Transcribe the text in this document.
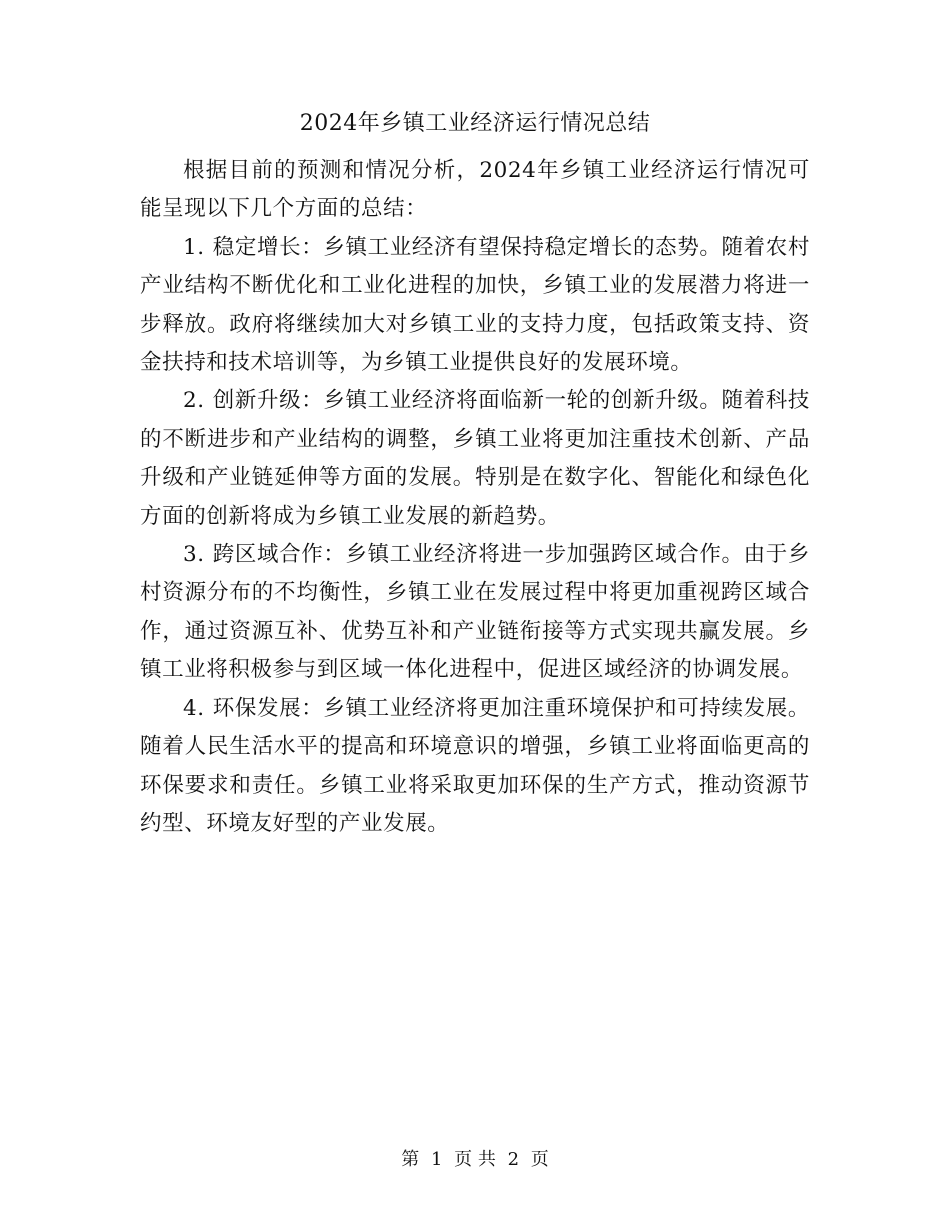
2024年乡镇工业经济运行情况总结

根据目前的预测和情况分析，2024年乡镇工业经济运行情况可能呈现以下几个方面的总结：

1. 稳定增长：乡镇工业经济有望保持稳定增长的态势。随着农村产业结构不断优化和工业化进程的加快，乡镇工业的发展潜力将进一步释放。政府将继续加大对乡镇工业的支持力度，包括政策支持、资金扶持和技术培训等，为乡镇工业提供良好的发展环境。

2. 创新升级：乡镇工业经济将面临新一轮的创新升级。随着科技的不断进步和产业结构的调整，乡镇工业将更加注重技术创新、产品升级和产业链延伸等方面的发展。特别是在数字化、智能化和绿色化方面的创新将成为乡镇工业发展的新趋势。

3. 跨区域合作：乡镇工业经济将进一步加强跨区域合作。由于乡村资源分布的不均衡性，乡镇工业在发展过程中将更加重视跨区域合作，通过资源互补、优势互补和产业链衔接等方式实现共赢发展。乡镇工业将积极参与到区域一体化进程中，促进区域经济的协调发展。

4. 环保发展：乡镇工业经济将更加注重环境保护和可持续发展。随着人民生活水平的提高和环境意识的增强，乡镇工业将面临更高的环保要求和责任。乡镇工业将采取更加环保的生产方式，推动资源节约型、环境友好型的产业发展。

第 1 页 共 2 页
